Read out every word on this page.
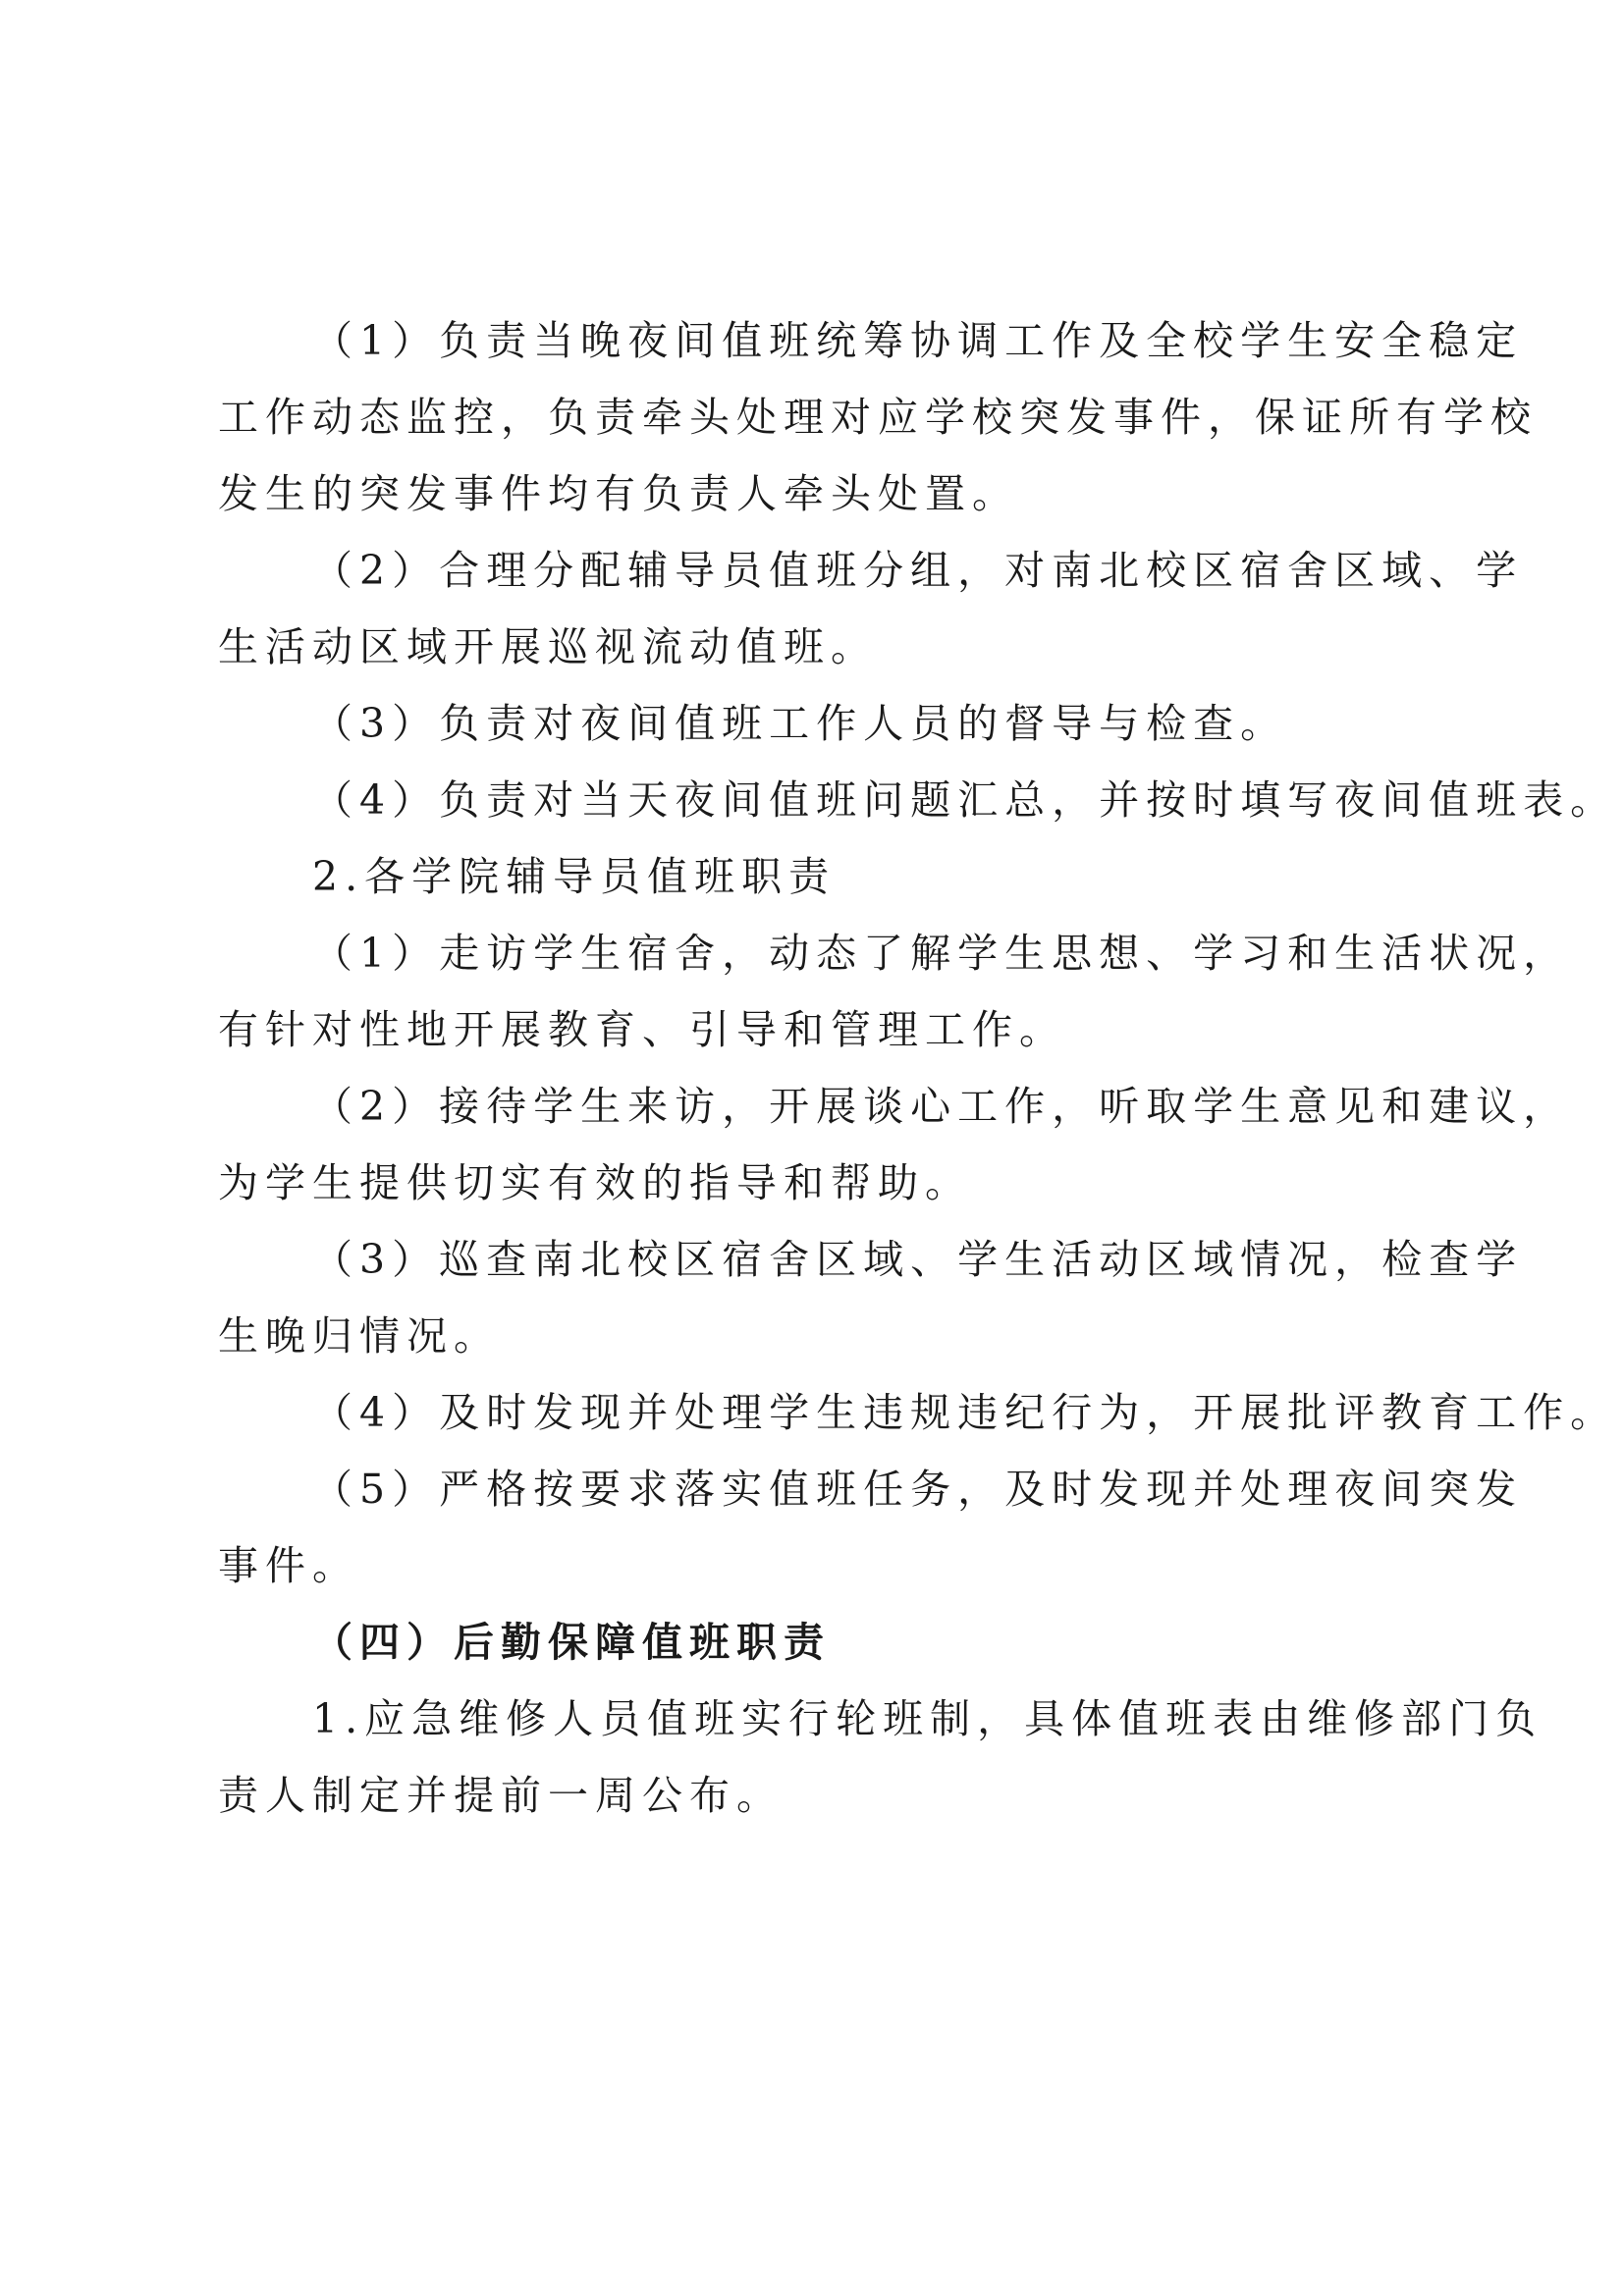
（1）负责当晚夜间值班统筹协调工作及全校学生安全稳定
工作动态监控，负责牵头处理对应学校突发事件，保证所有学校
发生的突发事件均有负责人牵头处置。
（2）合理分配辅导员值班分组，对南北校区宿舍区域、学
生活动区域开展巡视流动值班。
（3）负责对夜间值班工作人员的督导与检查。
（4）负责对当天夜间值班问题汇总，并按时填写夜间值班表。
2.各学院辅导员值班职责
（1）走访学生宿舍，动态了解学生思想、学习和生活状况，
有针对性地开展教育、引导和管理工作。
（2）接待学生来访，开展谈心工作，听取学生意见和建议，
为学生提供切实有效的指导和帮助。
（3）巡查南北校区宿舍区域、学生活动区域情况，检查学
生晚归情况。
（4）及时发现并处理学生违规违纪行为，开展批评教育工作。
（5）严格按要求落实值班任务，及时发现并处理夜间突发
事件。
（四）后勤保障值班职责
1.应急维修人员值班实行轮班制，具体值班表由维修部门负
责人制定并提前一周公布。
